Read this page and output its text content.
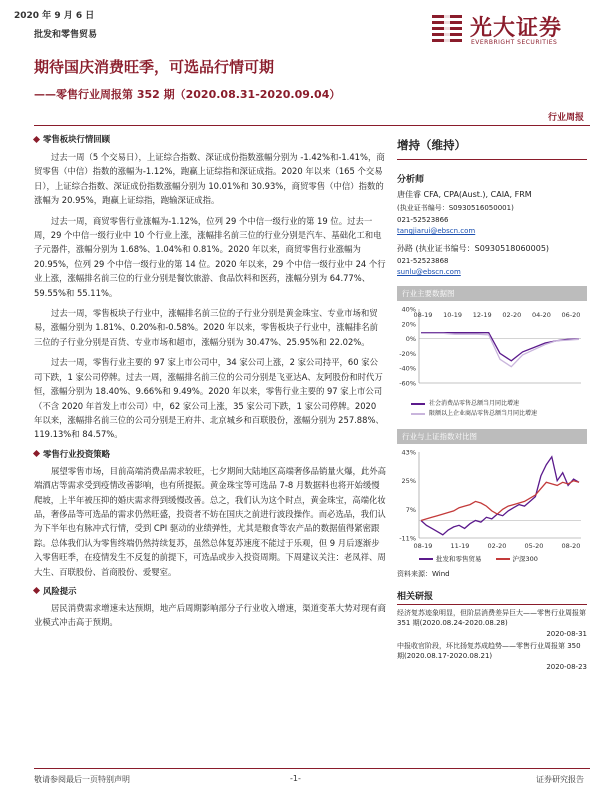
2020 年 9 月 6 日
批发和零售贸易	光大证券
EVERBRIGHT SECURITIES
期待国庆消费旺季，可选品行情可期
——零售行业周报第 352 期（2020.08.31-2020.09.04）
行业周报
零售板块行情回顾

过去一周（5 个交易日），上证综合指数、深证成份指数涨幅分别为 -1.42%和-1.41%，商贸零售（中信）指数的涨幅为-1.12%，跑赢上证综指和深证成指。2020 年以来（165 个交易日），上证综合指数、深证成份指数涨幅分别为 10.01%和 30.93%，商贸零售（中信）指数的涨幅为 20.95%，跑赢上证综指，跑输深证成指。

过去一周，商贸零售行业涨幅为-1.12%，位列 29 个中信一级行业的第 19 位。过去一周，29 个中信一级行业中 10 个行业上涨，涨幅排名前三位的行业分别是汽车、基础化工和电子元器件，涨幅分别为 1.68%、1.04%和 0.81%。2020 年以来，商贸零售行业涨幅为 20.95%，位列 29 个中信一级行业的第 14 位。2020 年以来，29 个中信一级行业中 24 个行业上涨，涨幅排名前三位的行业分别是餐饮旅游、食品饮料和医药，涨幅分别为 64.77%、59.55%和 55.11%。

过去一周，零售板块子行业中，涨幅排名前三位的子行业分别是黄金珠宝、专业市场和贸易，涨幅分别为 1.81%、0.20%和-0.58%。2020 年以来，零售板块子行业中，涨幅排名前三位的子行业分别是百货、专业市场和超市，涨幅分别为 30.47%、25.95%和 22.02%。

过去一周，零售行业主要的 97 家上市公司中，34 家公司上涨，2 家公司持平，60 家公司下跌，1 家公司停牌。过去一周，涨幅排名前三位的公司分别是飞亚达A、友阿股份和时代万恒，涨幅分别为 18.40%、9.66%和 9.49%。2020 年以来，零售行业主要的 97 家上市公司（不含 2020 年首发上市公司）中，62 家公司上涨，35 家公司下跌，1 家公司停牌。2020 年以来，涨幅排名前三位的公司分别是王府井、北京城乡和百联股份，涨幅分别为 257.88%、119.13%和 84.57%。

零售行业投资策略

展望零售市场，目前高端消费品需求较旺，七夕期间大陆地区高端奢侈品销量火爆，此外高端酒店等需求受到疫情改善影响，也有所提振。黄金珠宝等可选品 7-8 月数据料也将开始缓慢爬坡，上半年被压抑的婚庆需求得到缓慢改善。总之，我们认为这个时点，黄金珠宝，高端化妆品，奢侈品等可选品的需求仍然旺盛，投资者不妨在国庆之前进行波段操作。而必选品，我们认为下半年也有脉冲式行情，受到 CPI 驱动的业绩弹性，尤其是粮食等农产品的数据值得紧密跟踪。总体我们认为零售终端仍然持续复苏，虽然总体复苏速度不能过于乐观，但 9 月后逐渐步入零售旺季，在疫情发生不反复的前提下，可选品或步入投资周期。下周建议关注：老凤祥、周大生、百联股份、首商股份、爱婴室。

风险提示

居民消费需求增速未达预期，地产后周期影响部分子行业收入增速，渠道变革大势对现有商业模式冲击高于预期。

增持（维持）
分析师
唐佳睿 CFA, CPA(Aust.), CAIA, FRM
(执业证书编号：S0930516050001)
021-52523866
tangjiarui@ebscn.com
孙路 (执业证书编号：S0930518060005)
021-52523868
sunlu@ebscn.com
行业主要数据图
40%
20%
0%
-20%
-40%
-60%
08-19 10-19 12-19 02-20 04-20 06-20
社会消费品零售总额当月同比增速
限额以上企业商品零售总额当月同比增速
行业与上证指数对比图
43%
25%
7%
-11%
08-19	11-19	02-20	05-20	08-20
批发和零售贸易	沪深300
资料来源：Wind
相关研报
经济复苏迹象明显，但阶层消费差异巨大——零售行业周报第 351 期(2020.08.24-2020.08.28)
2020-08-31
中报收官阶段，坏比扬复苏成趋势——零售行业周报第 350 期(2020.08.17-2020.08.21)
2020-08-23
敬请参阅最后一页特别声明	-1-	证券研究报告
